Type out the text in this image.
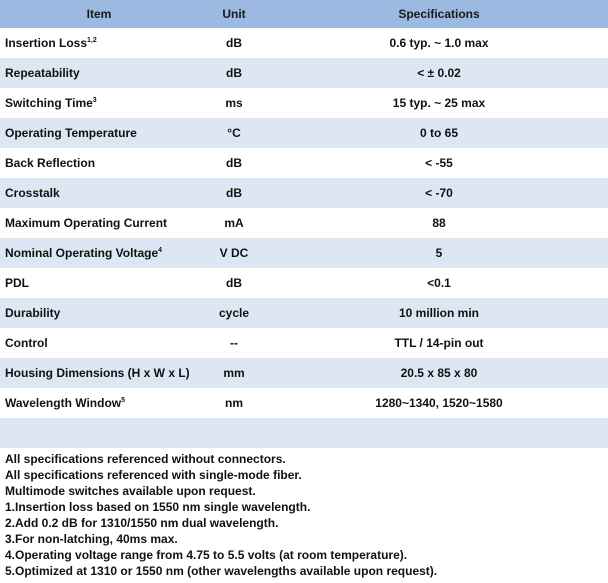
Item	Unit	Specifications
Insertion Loss$^{1,2}$	dB	0.6 typ. ~ 1.0 max
Repeatability	dB	< ± 0.02
Switching Time$^3$	ms	15 typ. ~ 25 max
Operating Temperature	°C	0 to 65
Back Reflection	dB	< -55
Crosstalk	dB	< -70
Maximum Operating Current	mA	88
Nominal Operating Voltage$^4$	V DC	5
PDL	dB	<0.1
Durability	cycle	10 million min
Control	--	TTL / 14-pin out
Housing Dimensions (H x W x L)	mm	20.5 x 85 x 80
Wavelength Window$^5$	nm	1280~1340, 1520~1580

All specifications referenced without connectors.
All specifications referenced with single-mode fiber.
Multimode switches available upon request.
1.Insertion loss based on 1550 nm single wavelength.
2.Add 0.2 dB for 1310/1550 nm dual wavelength.
3.For non-latching, 40ms max.
4.Operating voltage range from 4.75 to 5.5 volts (at room temperature).
5.Optimized at 1310 or 1550 nm (other wavelengths available upon request).
